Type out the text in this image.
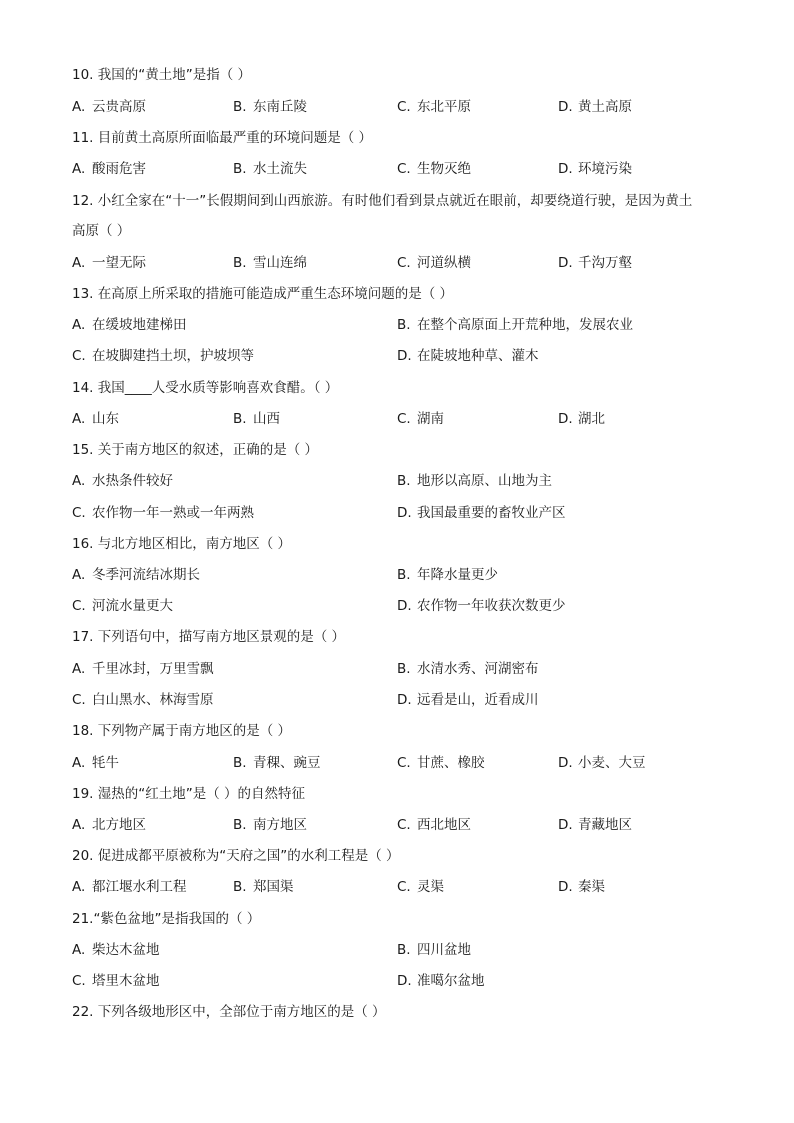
10. 我国的“黄土地”是指（ ）
A. 云贵高原	B. 东南丘陵	C. 东北平原	D. 黄土高原
11. 目前黄土高原所面临最严重的环境问题是（ ）
A. 酸雨危害	B. 水土流失	C. 生物灭绝	D. 环境污染
12. 小红全家在“十一”长假期间到山西旅游。有时他们看到景点就近在眼前，却要绕道行驶，是因为黄土
高原（ ）
A. 一望无际	B. 雪山连绵	C. 河道纵横	D. 千沟万壑
13. 在高原上所采取的措施可能造成严重生态环境问题的是（ ）
A. 在缓坡地建梯田	B. 在整个高原面上开荒种地，发展农业
C. 在坡脚建挡土坝，护坡坝等	D. 在陡坡地种草、灌木
14. 我国____人受水质等影响喜欢食醋。（ ）
A. 山东	B. 山西	C. 湖南	D. 湖北
15. 关于南方地区的叙述，正确的是（ ）
A. 水热条件较好	B. 地形以高原、山地为主
C. 农作物一年一熟或一年两熟	D. 我国最重要的畜牧业产区
16. 与北方地区相比，南方地区（ ）
A. 冬季河流结冰期长	B. 年降水量更少
C. 河流水量更大	D. 农作物一年收获次数更少
17. 下列语句中，描写南方地区景观的是（ ）
A. 千里冰封，万里雪飘	B. 水清水秀、河湖密布
C. 白山黑水、林海雪原	D. 远看是山，近看成川
18. 下列物产属于南方地区的是（ ）
A. 牦牛	B. 青稞、豌豆	C. 甘蔗、橡胶	D. 小麦、大豆
19. 湿热的“红土地”是（ ）的自然特征
A. 北方地区	B. 南方地区	C. 西北地区	D. 青藏地区
20. 促进成都平原被称为“天府之国”的水利工程是（ ）
A. 都江堰水利工程	B. 郑国渠	C. 灵渠	D. 秦渠
21.“紫色盆地”是指我国的（ ）
A. 柴达木盆地	B. 四川盆地
C. 塔里木盆地	D. 准噶尔盆地
22. 下列各级地形区中，全部位于南方地区的是（ ）
